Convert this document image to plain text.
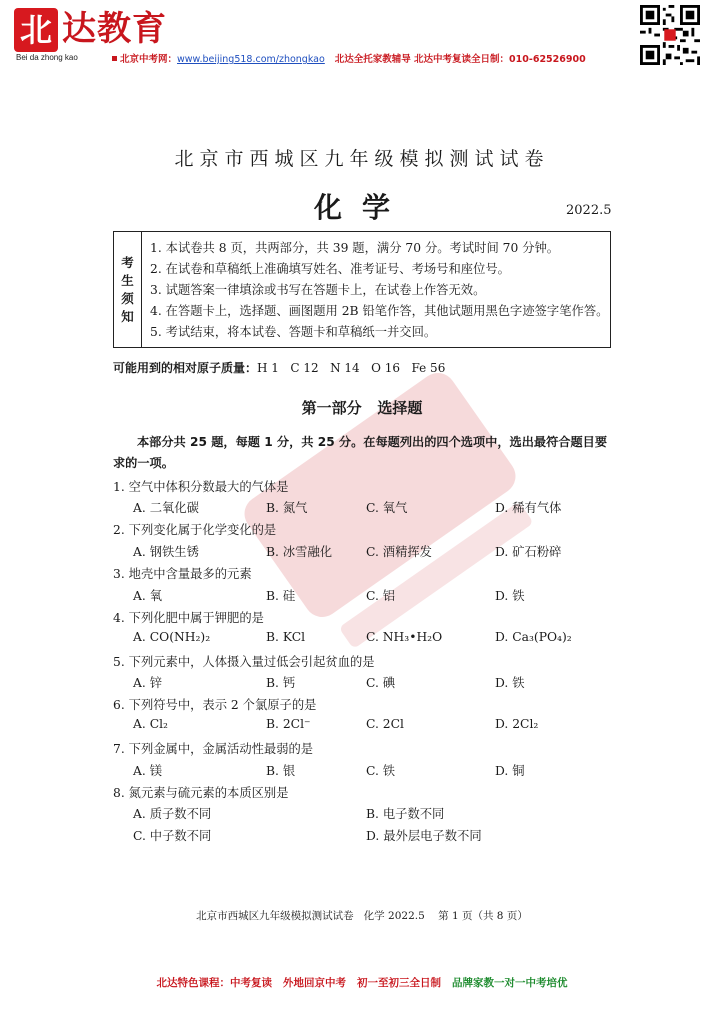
北 达教育
Bei da zhong kao	北京中考网：www.beijing518.com/zhongkao 北达全托家教辅导 北达中考复读全日制：010-62526900
北京市西城区九年级模拟测试试卷
化学	2022.5
考
生
须
知
1. 本试卷共 8 页，共两部分，共 39 题，满分 70 分。考试时间 70 分钟。
2. 在试卷和草稿纸上准确填写姓名、准考证号、考场号和座位号。
3. 试题答案一律填涂或书写在答题卡上，在试卷上作答无效。
4. 在答题卡上，选择题、画图题用 2B 铅笔作答，其他试题用黑色字迹签字笔作答。
5. 考试结束，将本试卷、答题卡和草稿纸一并交回。
可能用到的相对原子质量：H 1   C 12   N 14   O 16   Fe 56
第一部分   选择题
本部分共 25 题，每题 1 分，共 25 分。在每题列出的四个选项中，选出最符合题目要求的一项。
1. 空气中体积分数最大的气体是
A. 二氧化碳	B. 氮气	C. 氧气	D. 稀有气体
2. 下列变化属于化学变化的是
A. 钢铁生锈	B. 冰雪融化	C. 酒精挥发	D. 矿石粉碎
3. 地壳中含量最多的元素
A. 氧	B. 硅	C. 铝	D. 铁
4. 下列化肥中属于钾肥的是
A. CO(NH₂)₂	B. KCl	C. NH₃•H₂O	D. Ca₃(PO₄)₂
5. 下列元素中，人体摄入量过低会引起贫血的是
A. 锌	B. 钙	C. 碘	D. 铁
6. 下列符号中，表示 2 个氯原子的是
A. Cl₂	B. 2Cl⁻	C. 2Cl	D. 2Cl₂
7. 下列金属中，金属活动性最弱的是
A. 镁	B. 银	C. 铁	D. 铜
8. 氮元素与硫元素的本质区别是
A. 质子数不同	B. 电子数不同
C. 中子数不同	D. 最外层电子数不同
北京市西城区九年级模拟测试试卷   化学 2022.5    第 1 页（共 8 页）
北达特色课程：中考复读 外地回京中考 初一至初三全日制 品牌家教一对一中考培优
